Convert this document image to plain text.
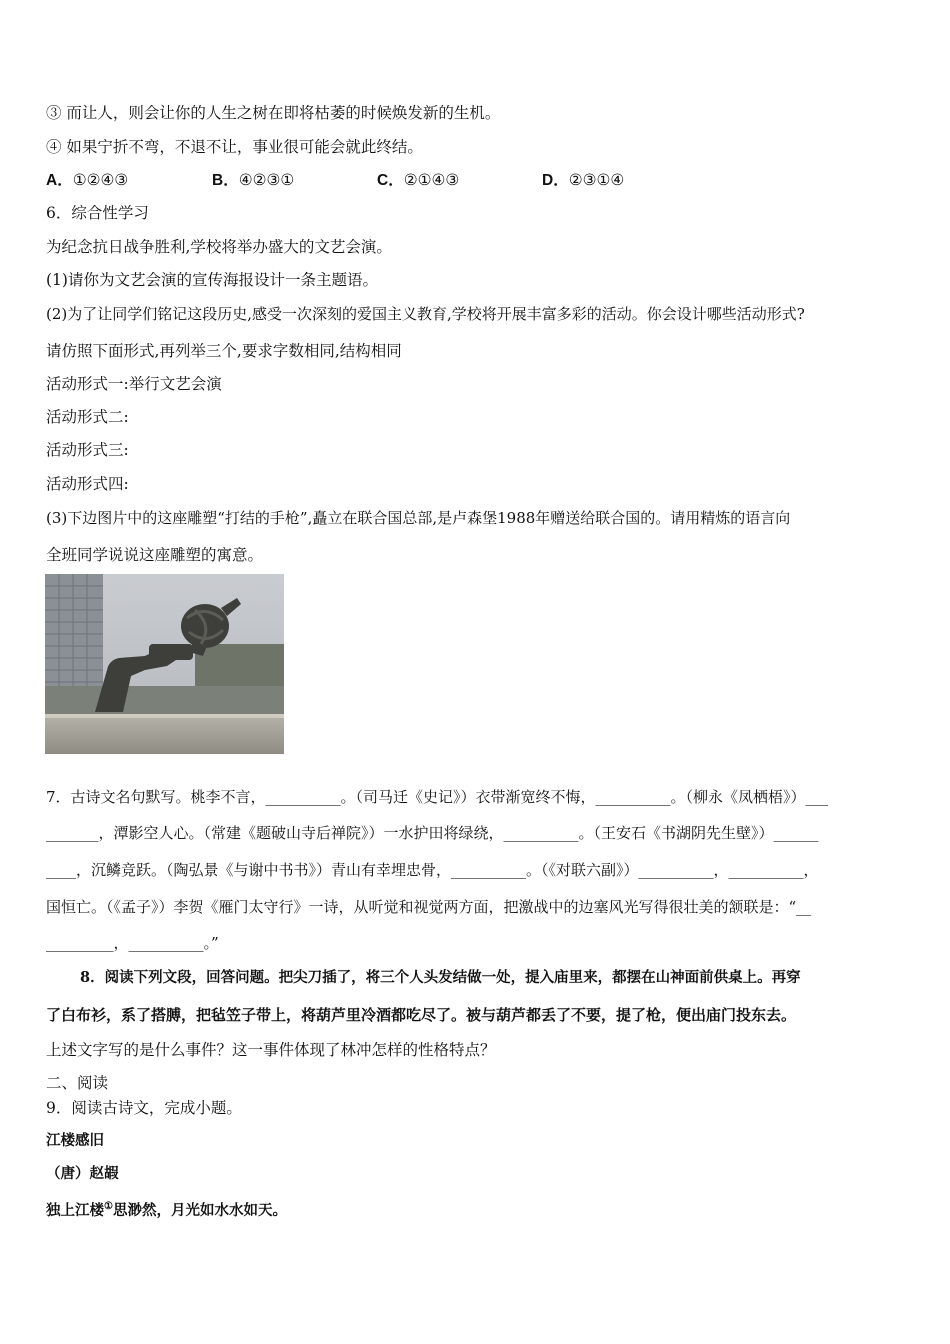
③ 而让人，则会让你的人生之树在即将枯萎的时候焕发新的生机。
④ 如果宁折不弯，不退不让，事业很可能会就此终结。
A．①②④③	B．④②③①	C．②①④③	D．②③①④
6．综合性学习
为纪念抗日战争胜利,学校将举办盛大的文艺会演。
(1)请你为文艺会演的宣传海报设计一条主题语。
(2)为了让同学们铭记这段历史,感受一次深刻的爱国主义教育,学校将开展丰富多彩的活动。你会设计哪些活动形式?
请仿照下面形式,再列举三个,要求字数相同,结构相同
活动形式一:举行文艺会演
活动形式二:
活动形式三:
活动形式四:
(3)下边图片中的这座雕塑“打结的手枪”,矗立在联合国总部,是卢森堡1988年赠送给联合国的。请用精炼的语言向
全班同学说说这座雕塑的寓意。
7．古诗文名句默写。桃李不言，__________。（司马迁《史记》）衣带渐宽终不悔，__________。（柳永《凤栖梧》）___
_______，潭影空人心。（常建《题破山寺后禅院》）一水护田将绿绕，__________。（王安石《书湖阴先生壁》）______
____，沉鳞竞跃。（陶弘景《与谢中书书》）青山有幸埋忠骨，__________。（《对联六副》）__________，__________，
国恒亡。（《孟子》）李贺《雁门太守行》一诗，从听觉和视觉两方面，把激战中的边塞风光写得很壮美的颔联是：“__
_________，__________。”
8．阅读下列文段，回答问题。把尖刀插了，将三个人头发结做一处，提入庙里来，都摆在山神面前供桌上。再穿
了白布衫，系了搭膊，把毡笠子带上，将葫芦里冷酒都吃尽了。被与葫芦都丢了不要，提了枪，便出庙门投东去。
上述文字写的是什么事件？这一事件体现了林冲怎样的性格特点？
二、阅读
9．阅读古诗文，完成小题。
江楼感旧
（唐）赵嘏
独上江楼①思渺然，月光如水水如天。
